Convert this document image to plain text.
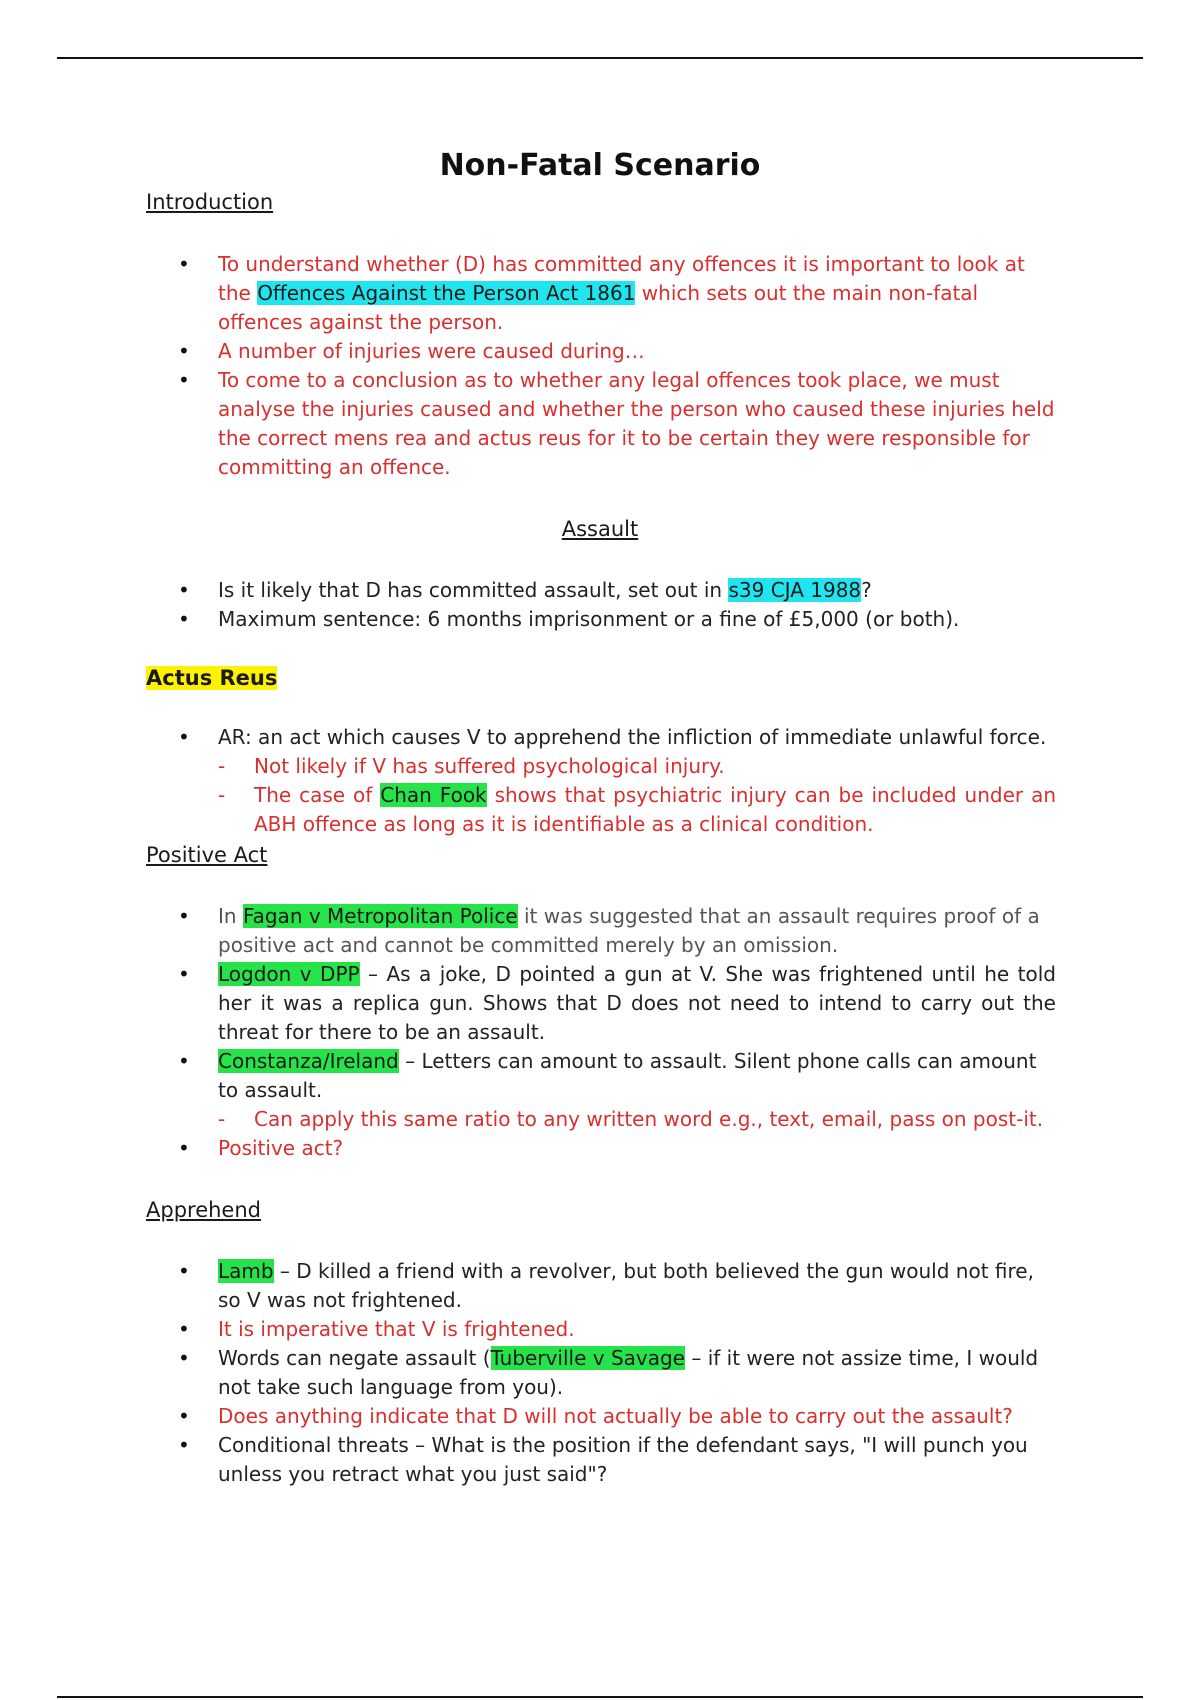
Non-Fatal Scenario
Introduction
• To understand whether (D) has committed any offences it is important to look at the Offences Against the Person Act 1861 which sets out the main non-fatal offences against the person.
• A number of injuries were caused during…
• To come to a conclusion as to whether any legal offences took place, we must analyse the injuries caused and whether the person who caused these injuries held the correct mens rea and actus reus for it to be certain they were responsible for committing an offence.
Assault
• Is it likely that D has committed assault, set out in s39 CJA 1988?
• Maximum sentence: 6 months imprisonment or a fine of £5,000 (or both).
Actus Reus
• AR: an act which causes V to apprehend the infliction of immediate unlawful force.
- Not likely if V has suffered psychological injury.
- The case of Chan Fook shows that psychiatric injury can be included under an ABH offence as long as it is identifiable as a clinical condition.
Positive Act
• In Fagan v Metropolitan Police it was suggested that an assault requires proof of a positive act and cannot be committed merely by an omission.
• Logdon v DPP – As a joke, D pointed a gun at V. She was frightened until he told her it was a replica gun. Shows that D does not need to intend to carry out the threat for there to be an assault.
• Constanza/Ireland – Letters can amount to assault. Silent phone calls can amount to assault.
- Can apply this same ratio to any written word e.g., text, email, pass on post-it.
• Positive act?
Apprehend
• Lamb – D killed a friend with a revolver, but both believed the gun would not fire, so V was not frightened.
• It is imperative that V is frightened.
• Words can negate assault (Tuberville v Savage – if it were not assize time, I would not take such language from you).
• Does anything indicate that D will not actually be able to carry out the assault?
• Conditional threats – What is the position if the defendant says, "I will punch you unless you retract what you just said"?
